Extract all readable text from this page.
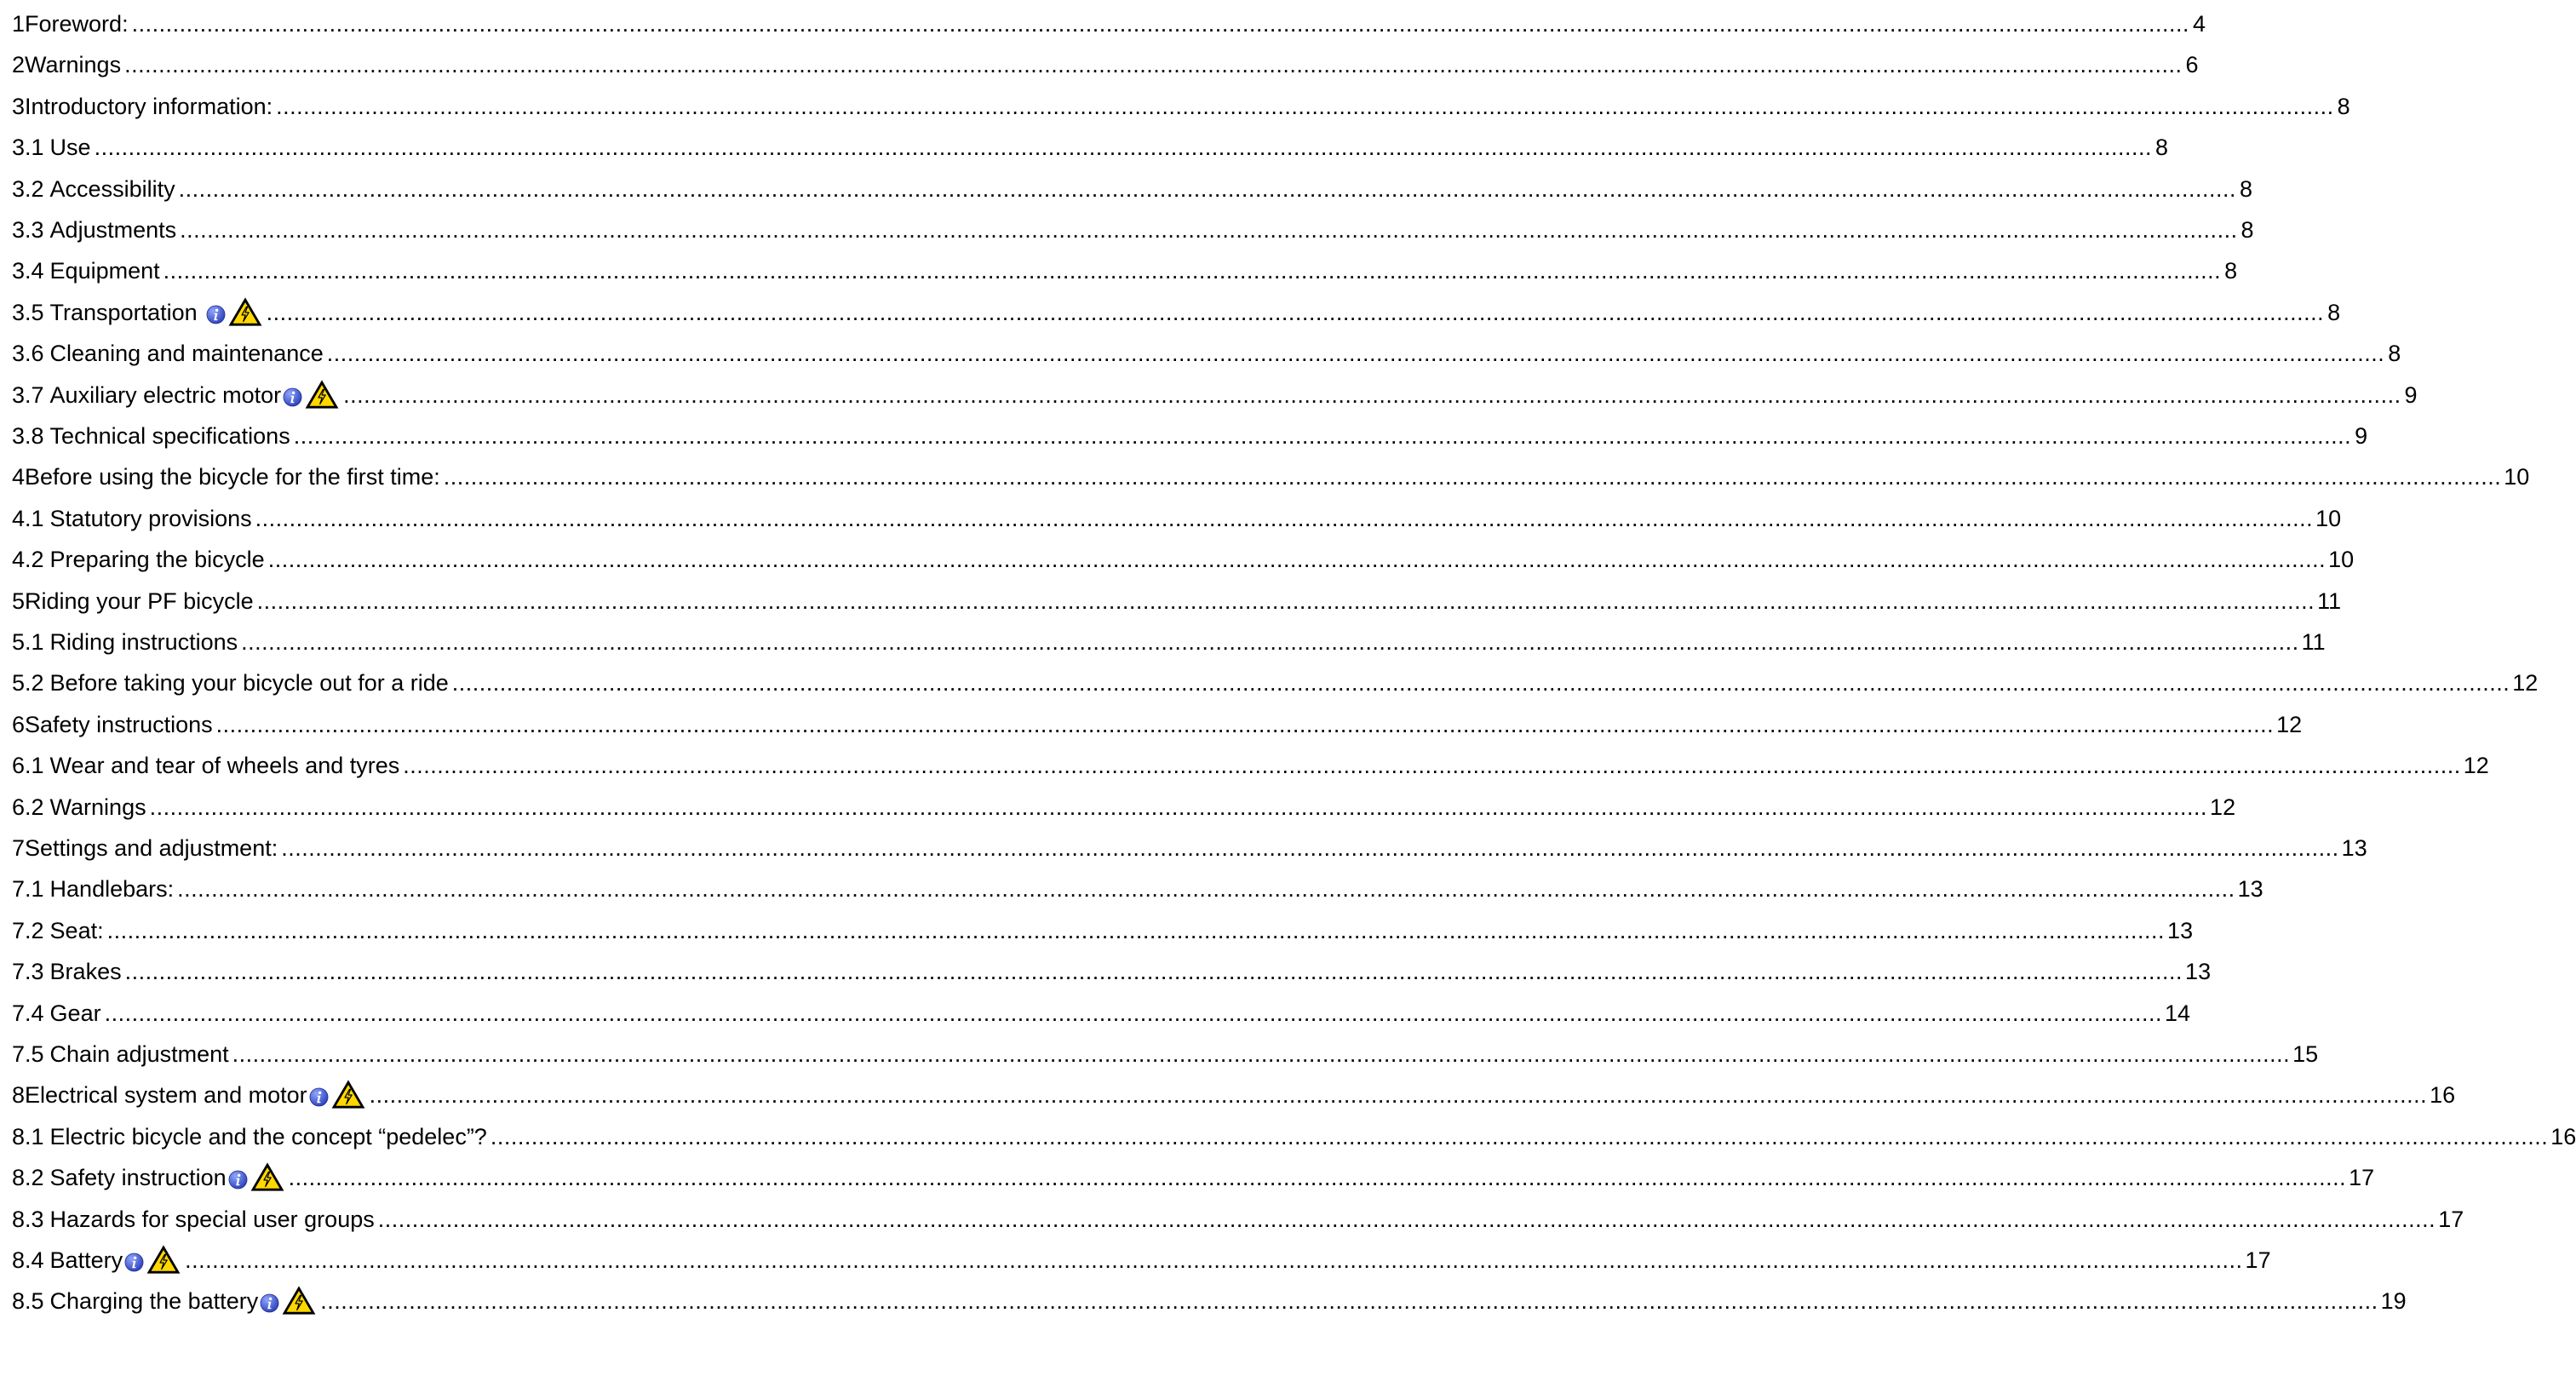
1 Foreword: .............................................................................................................................................................................................................................................................................................................. 4
2 Warnings .............................................................................................................................................................................................................................................................................................................. 6
3 Introductory information: .............................................................................................................................................................................................................................................................................................................. 8
3.1 Use .............................................................................................................................................................................................................................................................................................................. 8
3.2 Accessibility .............................................................................................................................................................................................................................................................................................................. 8
3.3 Adjustments .............................................................................................................................................................................................................................................................................................................. 8
3.4 Equipment .............................................................................................................................................................................................................................................................................................................. 8
3.5 Transportation	.............................................................................................................................................................................................................................................................................................................. 8
3.6 Cleaning and maintenance .............................................................................................................................................................................................................................................................................................................. 8
3.7 Auxiliary electric motor	.............................................................................................................................................................................................................................................................................................................. 9
3.8 Technical specifications .............................................................................................................................................................................................................................................................................................................. 9
4 Before using the bicycle for the first time: .............................................................................................................................................................................................................................................................................................................. 10
4.1 Statutory provisions .............................................................................................................................................................................................................................................................................................................. 10
4.2 Preparing the bicycle .............................................................................................................................................................................................................................................................................................................. 10
5 Riding your PF bicycle .............................................................................................................................................................................................................................................................................................................. 11
5.1 Riding instructions .............................................................................................................................................................................................................................................................................................................. 11
5.2 Before taking your bicycle out for a ride .............................................................................................................................................................................................................................................................................................................. 12
6 Safety instructions .............................................................................................................................................................................................................................................................................................................. 12
6.1 Wear and tear of wheels and tyres .............................................................................................................................................................................................................................................................................................................. 12
6.2 Warnings .............................................................................................................................................................................................................................................................................................................. 12
7 Settings and adjustment: .............................................................................................................................................................................................................................................................................................................. 13
7.1 Handlebars: .............................................................................................................................................................................................................................................................................................................. 13
7.2 Seat: .............................................................................................................................................................................................................................................................................................................. 13
7.3 Brakes .............................................................................................................................................................................................................................................................................................................. 13
7.4 Gear .............................................................................................................................................................................................................................................................................................................. 14
7.5 Chain adjustment .............................................................................................................................................................................................................................................................................................................. 15
8 Electrical system and motor	.............................................................................................................................................................................................................................................................................................................. 16
8.1 Electric bicycle and the concept “pedelec”? .............................................................................................................................................................................................................................................................................................................. 16
8.2 Safety instruction	.............................................................................................................................................................................................................................................................................................................. 17
8.3 Hazards for special user groups .............................................................................................................................................................................................................................................................................................................. 17
8.4 Battery	.............................................................................................................................................................................................................................................................................................................. 17
8.5 Charging the battery	.............................................................................................................................................................................................................................................................................................................. 19
